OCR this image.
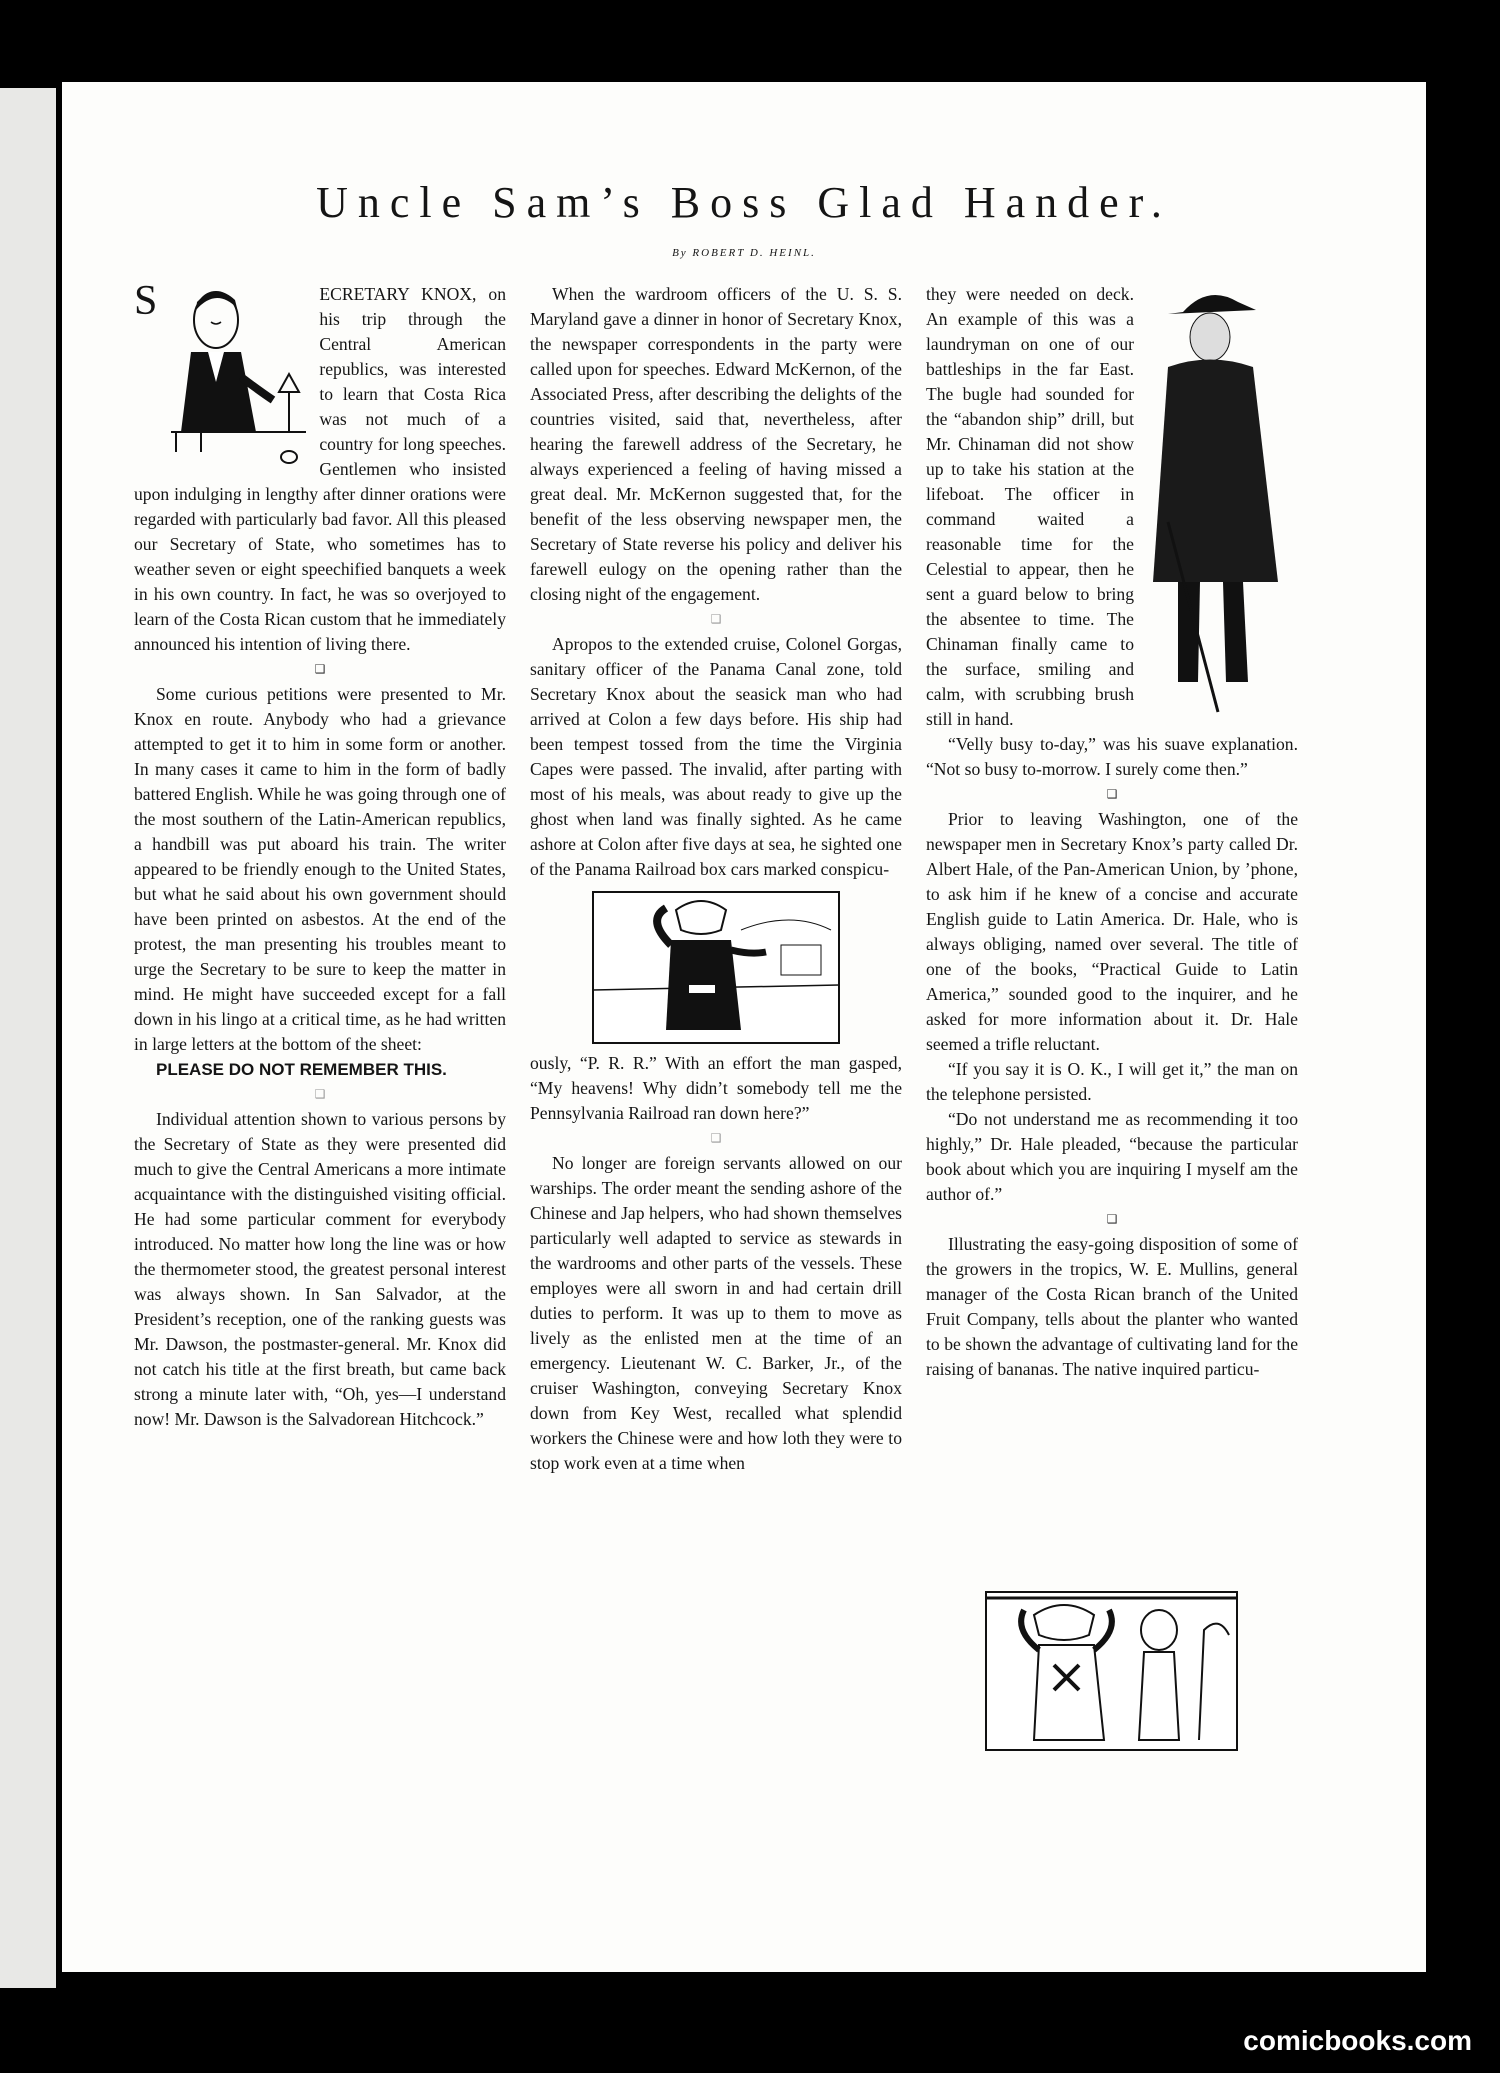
Uncle Sam’s Boss Glad Hander.
By ROBERT D. HEINL.

S	ECRETARY KNOX, on his trip through the Central American republics, was interested to learn that Costa Rica was not much of a country for long speeches. Gentlemen who insisted upon indulging in lengthy after dinner orations were regarded with particularly bad favor. All this pleased our Secretary of State, who sometimes has to weather seven or eight speechified banquets a week in his own country. In fact, he was so overjoyed to learn of the Costa Rican custom that he immediately announced his intention of living there.

❑

Some curious petitions were presented to Mr. Knox en route. Anybody who had a grievance attempted to get it to him in some form or another. In many cases it came to him in the form of badly battered English. While he was going through one of the most southern of the Latin-American republics, a handbill was put aboard his train. The writer appeared to be friendly enough to the United States, but what he said about his own government should have been printed on asbestos. At the end of the protest, the man presenting his troubles meant to urge the Secretary to be sure to keep the matter in mind. He might have succeeded except for a fall down in his lingo at a critical time, as he had written in large letters at the bottom of the sheet:

PLEASE DO NOT REMEMBER THIS.

❑

Individual attention shown to various persons by the Secretary of State as they were presented did much to give the Central Americans a more intimate acquaintance with the distinguished visiting official. He had some particular comment for everybody introduced. No matter how long the line was or how the thermometer stood, the greatest personal interest was always shown. In San Salvador, at the President’s reception, one of the ranking guests was Mr. Dawson, the postmaster-general. Mr. Knox did not catch his title at the first breath, but came back strong a minute later with, “Oh, yes—I understand now! Mr. Dawson is the Salvadorean Hitchcock.”

When the wardroom officers of the U. S. S. Maryland gave a dinner in honor of Secretary Knox, the newspaper correspondents in the party were called upon for speeches. Edward McKernon, of the Associated Press, after describing the delights of the countries visited, said that, nevertheless, after hearing the farewell address of the Secretary, he always experienced a feeling of having missed a great deal. Mr. McKernon suggested that, for the benefit of the less observing newspaper men, the Secretary of State reverse his policy and deliver his farewell eulogy on the opening rather than the closing night of the engagement.

❑

Apropos to the extended cruise, Colonel Gorgas, sanitary officer of the Panama Canal zone, told Secretary Knox about the seasick man who had arrived at Colon a few days before. His ship had been tempest tossed from the time the Virginia Capes were passed. The invalid, after parting with most of his meals, was about ready to give up the ghost when land was finally sighted. As he came ashore at Colon after five days at sea, he sighted one of the Panama Railroad box cars marked conspicu-

ously, “P. R. R.” With an effort the man gasped, “My heavens! Why didn’t somebody tell me the Pennsylvania Railroad ran down here?”

❑

No longer are foreign servants allowed on our warships. The order meant the sending ashore of the Chinese and Jap helpers, who had shown themselves particularly well adapted to service as stewards in the wardrooms and other parts of the vessels. These employes were all sworn in and had certain drill duties to perform. It was up to them to move as lively as the enlisted men at the time of an emergency. Lieutenant W. C. Barker, Jr., of the cruiser Washington, conveying Secretary Knox down from Key West, recalled what splendid workers the Chinese were and how loth they were to stop work even at a time when

they were needed on deck. An example of this was a laundryman on one of our battleships in the far East. The bugle had sounded for the “abandon ship” drill, but Mr. Chinaman did not show up to take his station at the lifeboat. The officer in command waited a reasonable time for the Celestial to appear, then he sent a guard below to bring the absentee to time. The Chinaman finally came to the surface, smiling and calm, with scrubbing brush still in hand.

“Velly busy to-day,” was his suave explanation. “Not so busy to-morrow. I surely come then.”

❑

Prior to leaving Washington, one of the newspaper men in Secretary Knox’s party called Dr. Albert Hale, of the Pan-American Union, by ’phone, to ask him if he knew of a concise and accurate English guide to Latin America. Dr. Hale, who is always obliging, named over several. The title of one of the books, “Practical Guide to Latin America,” sounded good to the inquirer, and he asked for more information about it. Dr. Hale seemed a trifle reluctant.

“If you say it is O. K., I will get it,” the man on the telephone persisted.

“Do not understand me as recommending it too highly,” Dr. Hale pleaded, “because the particular book about which you are inquiring I myself am the author of.”

❑

Illustrating the easy-going disposition of some of the growers in the tropics, W. E. Mullins, general manager of the Costa Rican branch of the United Fruit Company, tells about the planter who wanted to be shown the advantage of cultivating land for the raising of bananas. The native inquired particu-

comicbooks.com
